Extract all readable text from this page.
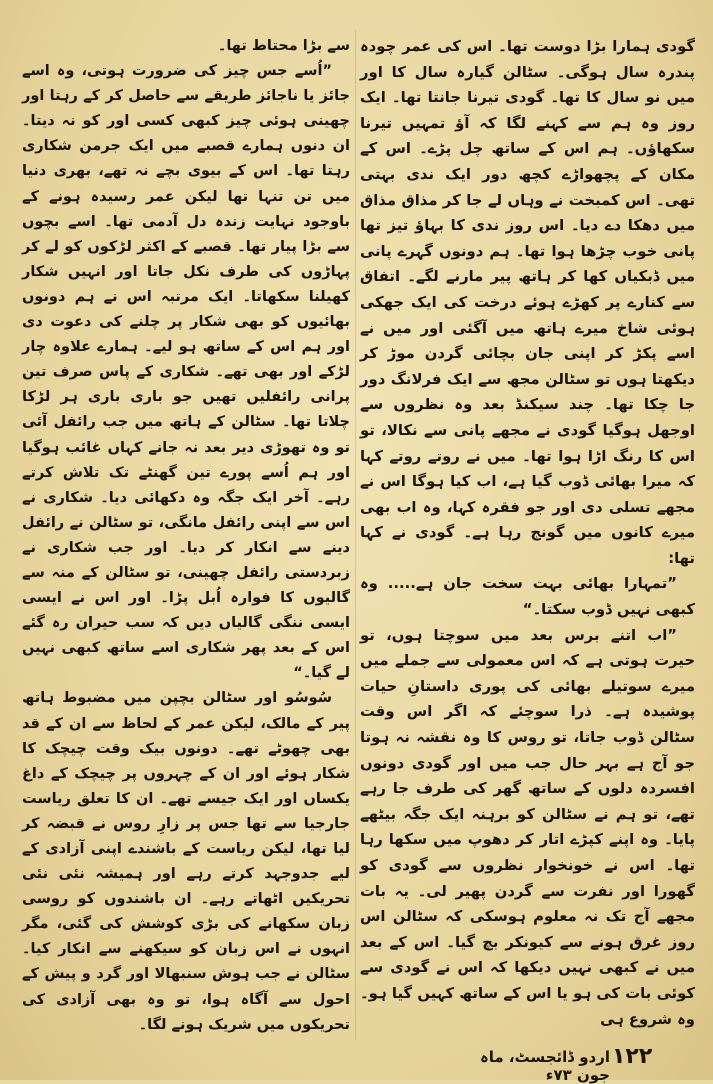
گودی ہمارا بڑا دوست تھا۔ اس کی عمر چودہ پندرہ سال ہوگی۔ سٹالن گیارہ سال کا اور میں نو سال کا تھا۔ گودی تیرنا جانتا تھا۔ ایک روز وہ ہم سے کہنے لگا کہ آؤ تمہیں تیرنا سکھاؤں۔ ہم اس کے ساتھ چل پڑے۔ اس کے مکان کے پچھواڑے کچھ دور ایک ندی بہتی تھی۔ اس کمبخت نے وہاں لے جا کر مذاق مذاق میں دھکا دے دیا۔ اس روز ندی کا بہاؤ تیز تھا پانی خوب چڑھا ہوا تھا۔ ہم دونوں گہرے پانی میں ڈبکیاں کھا کر ہاتھ پیر مارنے لگے۔ اتفاق سے کنارے پر کھڑے ہوئے درخت کی ایک جھکی ہوئی شاخ میرے ہاتھ میں آگئی اور میں نے اسے پکڑ کر اپنی جان بچائی گردن موڑ کر دیکھتا ہوں تو سٹالن مجھ سے ایک فرلانگ دور جا چکا تھا۔ چند سیکنڈ بعد وہ نظروں سے اوجھل ہوگیا گودی نے مجھے پانی سے نکالا، تو اس کا رنگ اڑا ہوا تھا۔ میں نے روتے روتے کہا کہ میرا بھائی ڈوب گیا ہے، اب کیا ہوگا اس نے مجھے تسلی دی اور جو فقرہ کہا، وہ اب بھی میرے کانوں میں گونج رہا ہے۔ گودی نے کہا تھا:

”تمہارا بھائی بہت سخت جان ہے..... وہ کبھی نہیں ڈوب سکتا۔“

”اب اتنے برس بعد میں سوچتا ہوں، تو حیرت ہوتی ہے کہ اس معمولی سے جملے میں میرے سوتیلے بھائی کی پوری داستانِ حیات پوشیدہ ہے۔ ذرا سوچئے کہ اگر اس وقت سٹالن ڈوب جاتا، تو روس کا وہ نقشہ نہ ہوتا جو آج ہے بہر حال جب میں اور گودی دونوں افسردہ دلوں کے ساتھ گھر کی طرف جا رہے تھے، تو ہم نے سٹالن کو برہنہ ایک جگہ بیٹھے پایا۔ وہ اپنے کپڑے اتار کر دھوپ میں سکھا رہا تھا۔ اس نے خونخوار نظروں سے گودی کو گھورا اور نفرت سے گردن پھیر لی۔ یہ بات مجھے آج تک نہ معلوم ہوسکی کہ سٹالن اس روز غرق ہونے سے کیونکر بچ گیا۔ اس کے بعد میں نے کبھی نہیں دیکھا کہ اس نے گودی سے کوئی بات کی ہو یا اس کے ساتھ کہیں گیا ہو۔ وہ شروع ہی

سے بڑا محتاط تھا۔

”اُسے جس چیز کی ضرورت ہوتی، وہ اسے جائز یا ناجائز طریقے سے حاصل کر کے رہتا اور چھینی ہوئی چیز کبھی کسی اور کو نہ دیتا۔ ان دنوں ہمارے قصبے میں ایک جرمن شکاری رہتا تھا۔ اس کے بیوی بچے نہ تھے، بھری دنیا میں تن تنہا تھا لیکن عمر رسیدہ ہونے کے باوجود نہایت زندہ دل آدمی تھا۔ اسے بچوں سے بڑا پیار تھا۔ قصبے کے اکثر لڑکوں کو لے کر پہاڑوں کی طرف نکل جاتا اور انہیں شکار کھیلنا سکھاتا۔ ایک مرتبہ اس نے ہم دونوں بھائیوں کو بھی شکار پر چلنے کی دعوت دی اور ہم اس کے ساتھ ہو لیے۔ ہمارے علاوہ چار لڑکے اور بھی تھے۔ شکاری کے پاس صرف تین پرانی رائفلیں تھیں جو باری باری ہر لڑکا چلاتا تھا۔ سٹالن کے ہاتھ میں جب رائفل آئی تو وہ تھوڑی دیر بعد نہ جانے کہاں غائب ہوگیا اور ہم اُسے پورے تین گھنٹے تک تلاش کرتے رہے۔ آخر ایک جگہ وہ دکھائی دیا۔ شکاری نے اس سے اپنی رائفل مانگی، تو سٹالن نے رائفل دینے سے انکار کر دیا۔ اور جب شکاری نے زبردستی رائفل چھینی، تو سٹالن کے منہ سے گالیوں کا فوارہ اُبل پڑا۔ اور اس نے ایسی ایسی ننگی گالیاں دیں کہ سب حیران رہ گئے اس کے بعد پھر شکاری اسے ساتھ کبھی نہیں لے گیا۔“

سُوسُو اور سٹالن بچپن میں مضبوط ہاتھ پیر کے مالک، لیکن عمر کے لحاظ سے ان کے قد بھی چھوٹے تھے۔ دونوں بیک وقت چیچک کا شکار ہوئے اور ان کے چہروں پر چیچک کے داغ یکساں اور ایک جیسے تھے۔ ان کا تعلق ریاست جارجیا سے تھا جس پر زارِ روس نے قبضہ کر لیا تھا، لیکن ریاست کے باشندے اپنی آزادی کے لیے جدوجہد کرتے رہے اور ہمیشہ نئی نئی تحریکیں اٹھاتے رہے۔ ان باشندوں کو روسی زبان سکھانے کی بڑی کوشش کی گئی، مگر انہوں نے اس زبان کو سیکھنے سے انکار کیا۔ سٹالن نے جب ہوش سنبھالا اور گرد و پیش کے احول سے آگاہ ہوا، تو وہ بھی آزادی کی تحریکوں میں شریک ہونے لگا۔

۱۲۲
اردو ڈائجسٹ، ماہ جون ۷۳ء
